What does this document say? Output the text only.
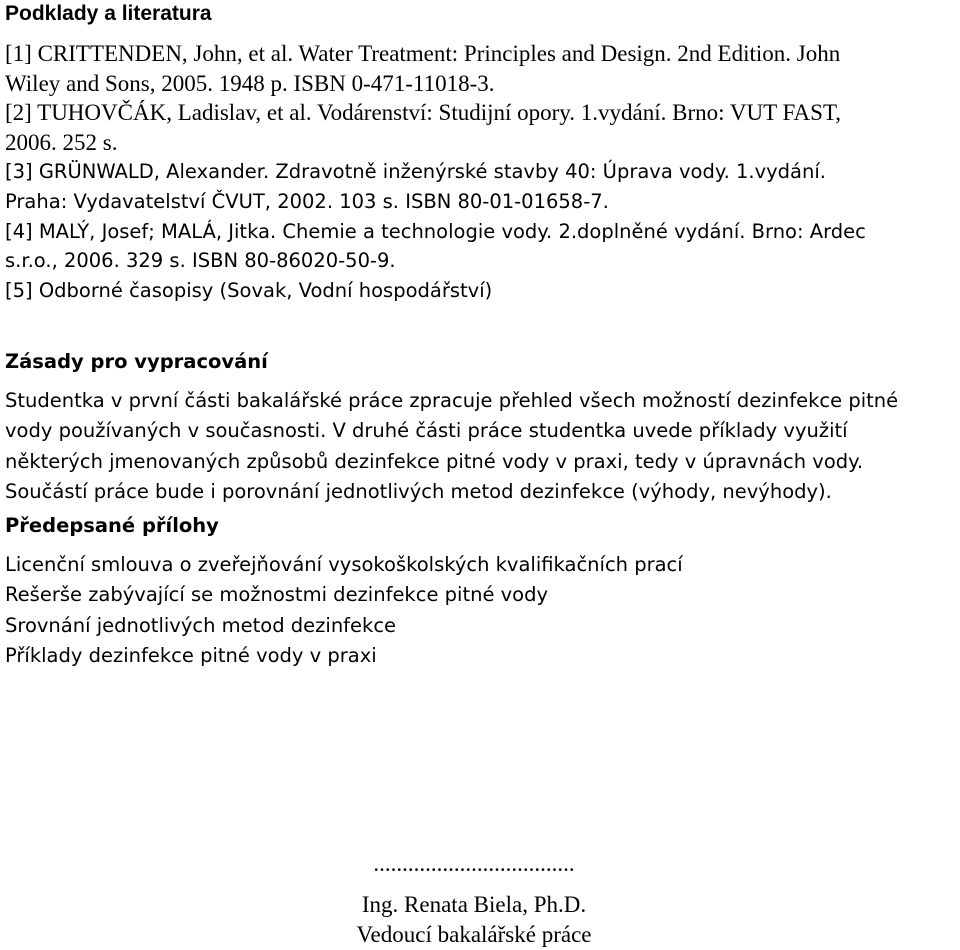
Podklady a literatura
[1] CRITTENDEN, John, et al. Water Treatment: Principles and Design. 2nd Edition. John
Wiley and Sons, 2005. 1948 p. ISBN 0-471-11018-3.
[2] TUHOVČÁK, Ladislav, et al. Vodárenství: Studijní opory. 1.vydání. Brno: VUT FAST,
2006. 252 s.
[3] GRÜNWALD, Alexander. Zdravotně inženýrské stavby 40: Úprava vody. 1.vydání.
Praha: Vydavatelství ČVUT, 2002. 103 s. ISBN 80-01-01658-7.
[4] MALÝ, Josef; MALÁ, Jitka. Chemie a technologie vody. 2.doplněné vydání. Brno: Ardec
s.r.o., 2006. 329 s. ISBN 80-86020-50-9.
[5] Odborné časopisy (Sovak, Vodní hospodářství)
Zásady pro vypracování
Studentka v první části bakalářské práce zpracuje přehled všech možností dezinfekce pitné
vody používaných v současnosti. V druhé části práce studentka uvede příklady využití
některých jmenovaných způsobů dezinfekce pitné vody v praxi, tedy v úpravnách vody.
Součástí práce bude i porovnání jednotlivých metod dezinfekce (výhody, nevýhody).
Předepsané přílohy
Licenční smlouva o zveřejňování vysokoškolských kvalifikačních prací
Rešerše zabývající se možnostmi dezinfekce pitné vody
Srovnání jednotlivých metod dezinfekce
Příklady dezinfekce pitné vody v praxi
...................................
Ing. Renata Biela, Ph.D.
Vedoucí bakalářské práce
